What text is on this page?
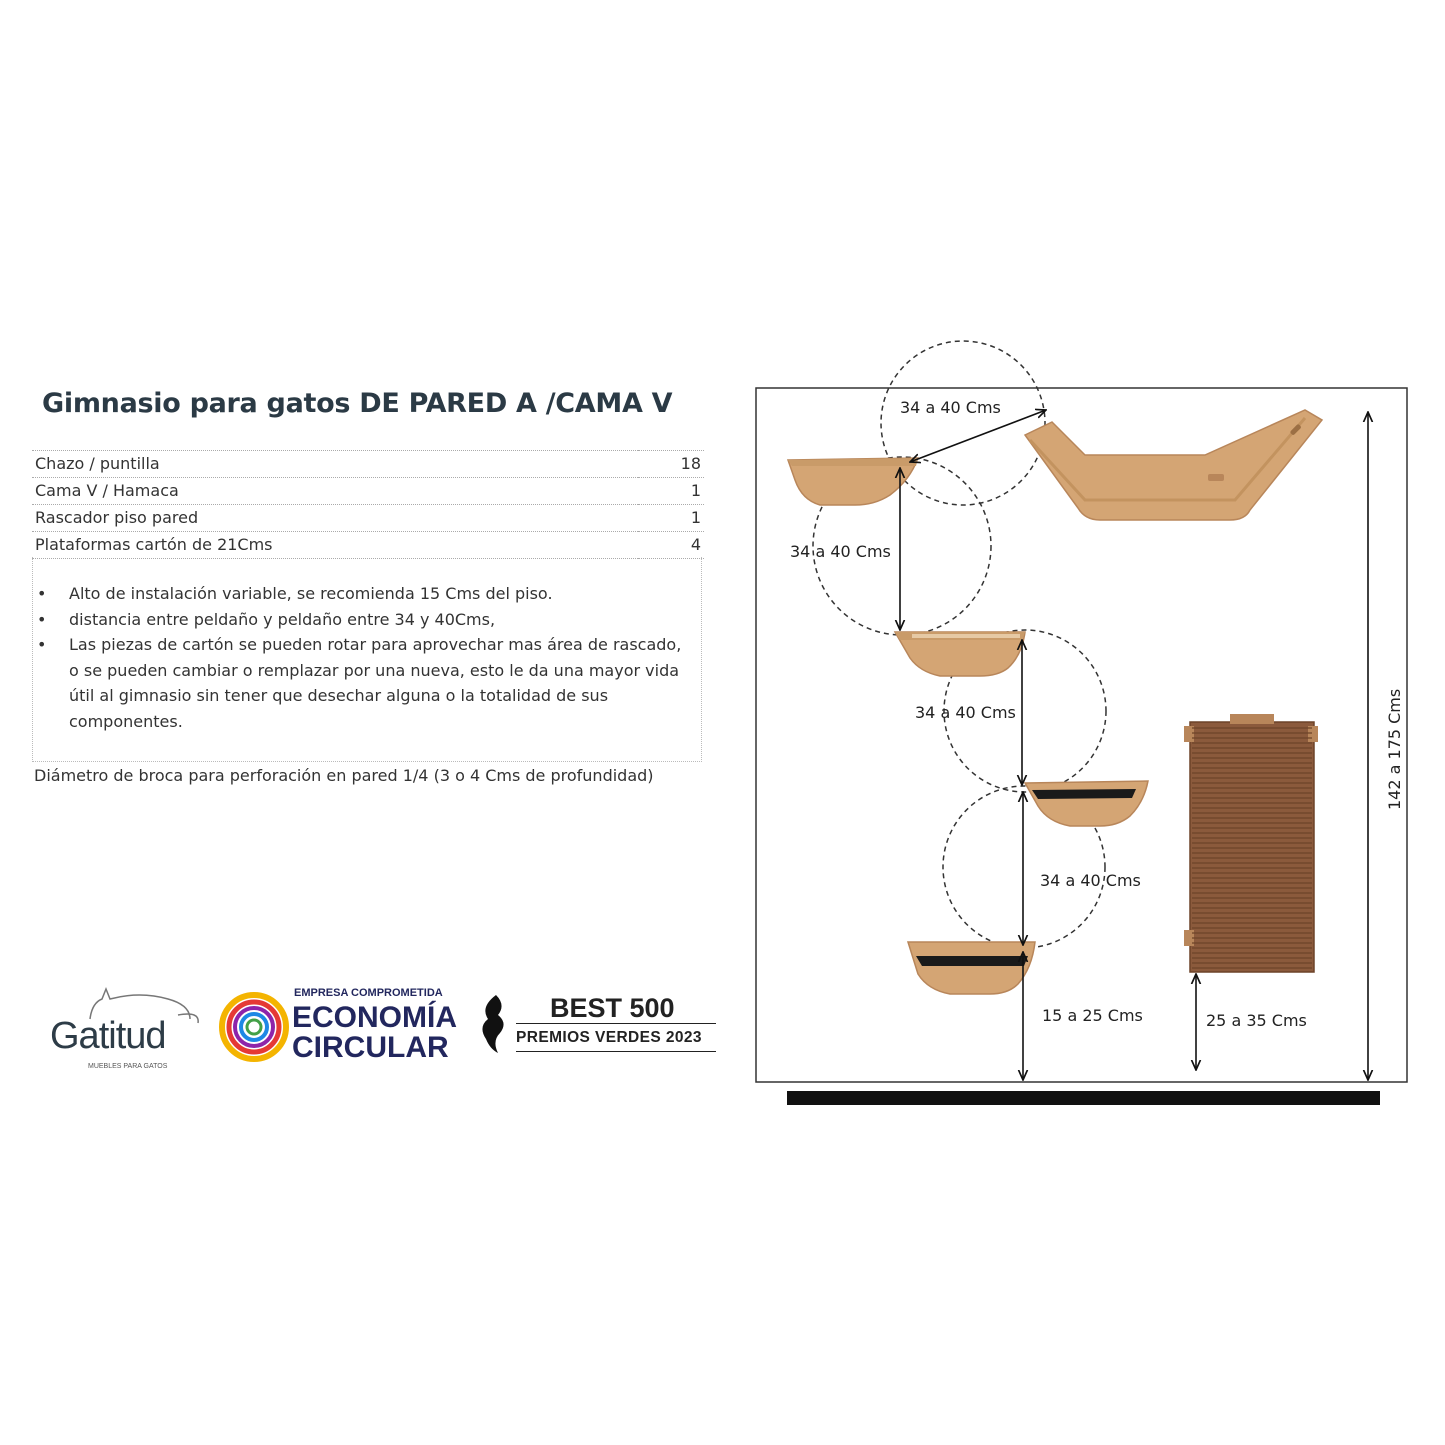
Gimnasio para gatos DE PARED A /CAMA V
Chazo / puntilla	18
Cama V / Hamaca	1
Rascador piso pared	1
Plataformas cartón de 21Cms	4
• Alto de instalación variable, se recomienda 15 Cms del piso.
• distancia entre peldaño y peldaño entre 34 y 40Cms,
• Las piezas de cartón se pueden rotar para aprovechar mas área de rascado, o se pueden cambiar o remplazar por una nueva, esto le da una mayor vida útil al gimnasio sin tener que desechar alguna o la totalidad de sus componentes.
Diámetro de broca para perforación en pared 1/4 (3 o 4 Cms de profundidad)
Gatitud
MUEBLES PARA GATOS
EMPRESA COMPROMETIDA
ECONOMÍA
CIRCULAR
BEST 500
PREMIOS VERDES 2023
34 a 40 Cms
34 a 40 Cms
34 a 40 Cms
34 a 40 Cms
15 a 25 Cms	25 a 35 Cms
142 a 175 Cms
